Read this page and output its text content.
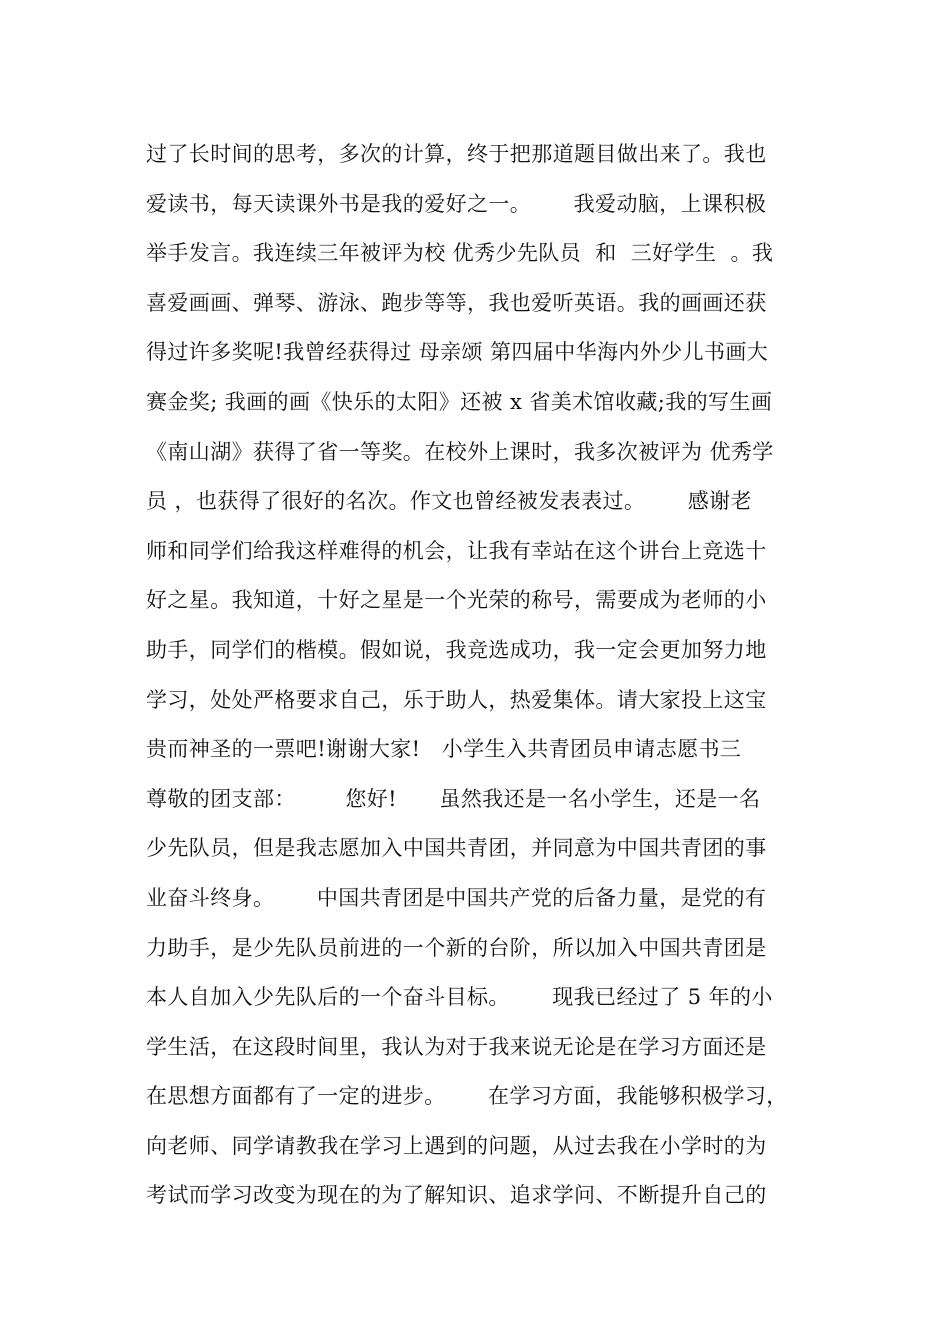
过了长时间的思考，多次的计算，终于把那道题目做出来了。我也
爱读书，每天读课外书是我的爱好之一。      我爱动脑，上课积极
举手发言。我连续三年被评为校 优秀少先队员  和  三好学生  。我
喜爱画画、弹琴、游泳、跑步等等，我也爱听英语。我的画画还获
得过许多奖呢!我曾经获得过 母亲颂 第四届中华海内外少儿书画大
赛金奖; 我画的画《快乐的太阳》还被 x 省美术馆收藏;我的写生画
《南山湖》获得了省一等奖。在校外上课时，我多次被评为 优秀学
员 ，也获得了很好的名次。作文也曾经被发表表过。      感谢老
师和同学们给我这样难得的机会，让我有幸站在这个讲台上竞选十
好之星。我知道，十好之星是一个光荣的称号，需要成为老师的小
助手，同学们的楷模。假如说，我竞选成功，我一定会更加努力地
学习，处处严格要求自己，乐于助人，热爱集体。请大家投上这宝
贵而神圣的一票吧!谢谢大家!   小学生入共青团员申请志愿书三
尊敬的团支部：       您好!      虽然我还是一名小学生，还是一名
少先队员，但是我志愿加入中国共青团，并同意为中国共青团的事
业奋斗终身。      中国共青团是中国共产党的后备力量，是党的有
力助手，是少先队员前进的一个新的台阶，所以加入中国共青团是
本人自加入少先队后的一个奋斗目标。      现我已经过了 5 年的小
学生活，在这段时间里，我认为对于我来说无论是在学习方面还是
在思想方面都有了一定的进步。      在学习方面，我能够积极学习，
向老师、同学请教我在学习上遇到的问题，从过去我在小学时的为
考试而学习改变为现在的为了解知识、追求学问、不断提升自己的
